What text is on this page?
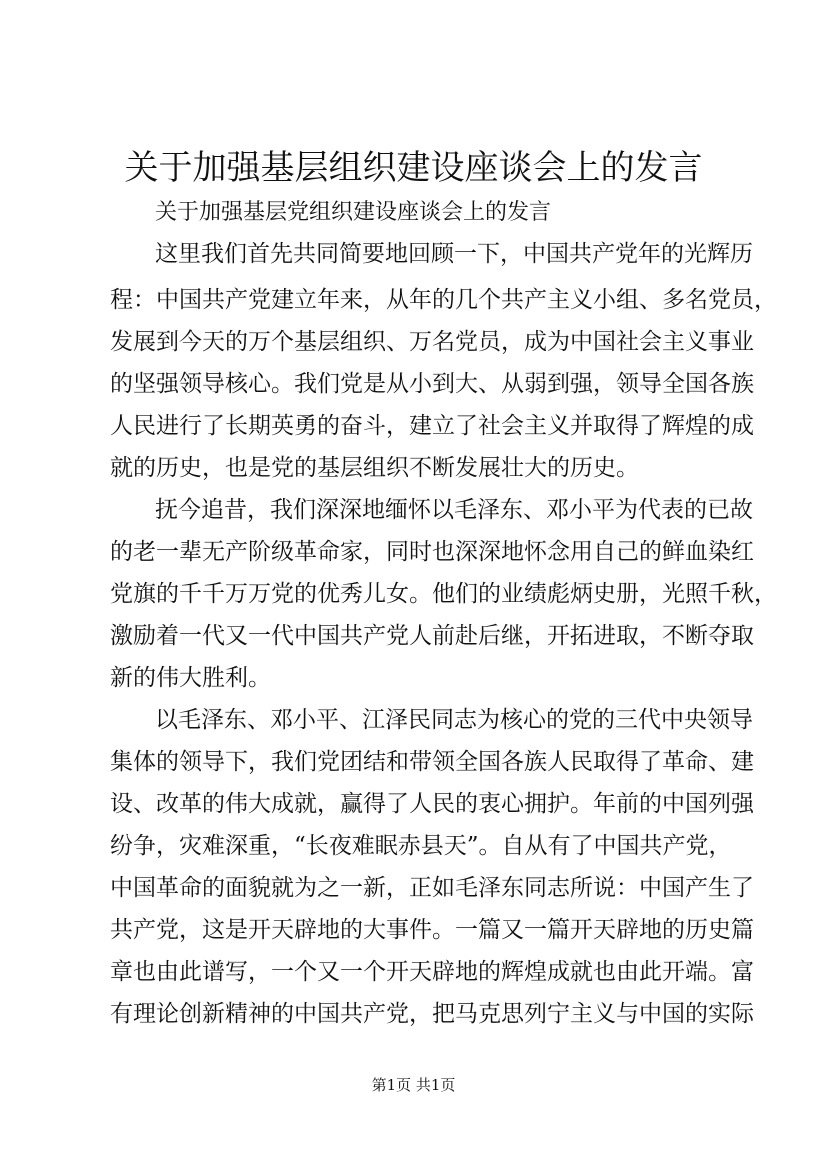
关于加强基层组织建设座谈会上的发言
关于加强基层党组织建设座谈会上的发言
这里我们首先共同简要地回顾一下，中国共产党年的光辉历
程：中国共产党建立年来，从年的几个共产主义小组、多名党员，
发展到今天的万个基层组织、万名党员，成为中国社会主义事业
的坚强领导核心。我们党是从小到大、从弱到强，领导全国各族
人民进行了长期英勇的奋斗，建立了社会主义并取得了辉煌的成
就的历史，也是党的基层组织不断发展壮大的历史。
抚今追昔，我们深深地缅怀以毛泽东、邓小平为代表的已故
的老一辈无产阶级革命家，同时也深深地怀念用自己的鲜血染红
党旗的千千万万党的优秀儿女。他们的业绩彪炳史册，光照千秋，
激励着一代又一代中国共产党人前赴后继，开拓进取，不断夺取
新的伟大胜利。
以毛泽东、邓小平、江泽民同志为核心的党的三代中央领导
集体的领导下，我们党团结和带领全国各族人民取得了革命、建
设、改革的伟大成就，赢得了人民的衷心拥护。年前的中国列强
纷争，灾难深重，“长夜难眠赤县天”。自从有了中国共产党，
中国革命的面貌就为之一新，正如毛泽东同志所说：中国产生了
共产党，这是开天辟地的大事件。一篇又一篇开天辟地的历史篇
章也由此谱写，一个又一个开天辟地的辉煌成就也由此开端。富
有理论创新精神的中国共产党，把马克思列宁主义与中国的实际
第1页 共1页
